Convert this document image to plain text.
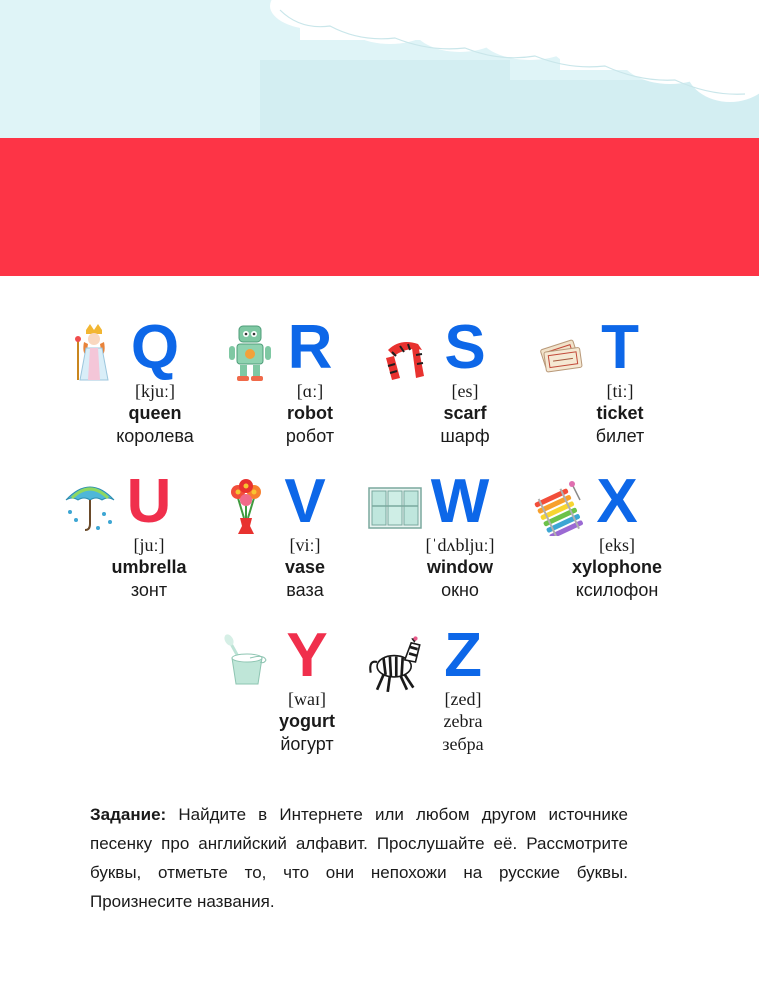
Q
[kjuː]
queen
королева
R
[ɑː]
robot
робот
S
[es]
scarf
шарф
T
[tiː]
ticket
билет
U
[juː]
umbrella
зонт
V
[viː]
vase
ваза
W
[ˈdʌbljuː]
window
окно
X
[eks]
xylophone
ксилофон
Y
[waɪ]
yogurt
йогурт
Z
[zed]
zebra
зебра
Задание: Найдите в Интернете или любом другом источнике песенку про английский алфавит. Прослушайте её. Рассмотрите буквы, отметьте то, что они непохожи на русские буквы. Произнесите названия.
